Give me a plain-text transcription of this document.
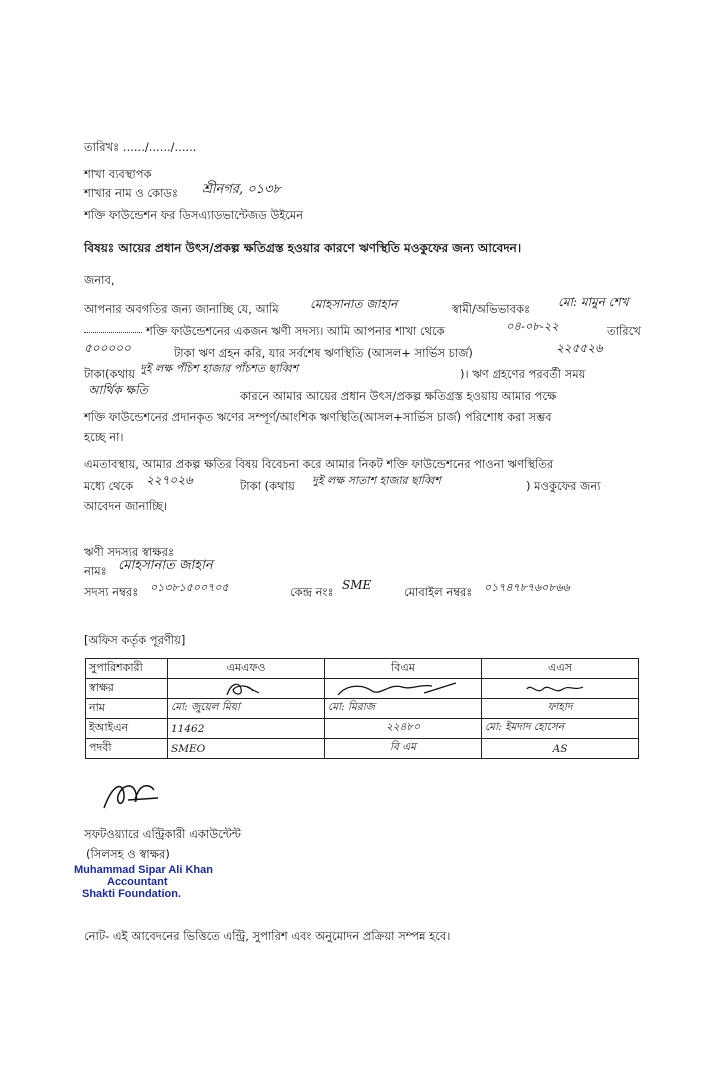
তারিখঃ ....../....../......
শাখা ব্যবস্থাপক
শাখার নাম ও কোডঃ শ্রীনগর, ০১৩৮
শক্তি ফাউন্ডেশন ফর ডিসএ্যাডভান্টেজড উইমেন
বিষয়ঃ আয়ের প্রধান উৎস/প্রকল্প ক্ষতিগ্রস্ত হওয়ার কারণে ঋণস্থিতি মওকুফের জন্য আবেদন।
জনাব,
আপনার অবগতির জন্য জানাচ্ছি যে, আমি	মোহসানাত জাহান	স্বামী/অভিভাবকঃ মো: মামুন শেখ
শক্তি ফাউন্ডেশনের একজন ঋণী সদস্য। আমি আপনার শাখা থেকে	০৪-০৮-২২	তারিখে
৫০০০০০	টাকা ঋণ গ্রহন করি, যার সর্বশেষ ঋণস্থিতি (আসল+ সার্ভিস চার্জ)	২২৫৫২৬
টাকা(কথায় দুই লক্ষ পঁচিশ হাজার পাঁচশত ছাব্বিশ	)। ঋণ গ্রহণের পরবর্তী সময়
আর্থিক ক্ষতি	কারনে আমার আয়ের প্রধান উৎস/প্রকল্প ক্ষতিগ্রস্ত হওয়ায় আমার পক্ষে
শক্তি ফাউন্ডেশনের প্রদানকৃত ঋণের সম্পূর্ণ/আংশিক ঋণস্থিতি(আসল+সার্ভিস চার্জ) পরিশোধ করা সম্ভব
হচ্ছে না।
এমতাবস্থায়, আমার প্রকল্প ক্ষতির বিষয় বিবেচনা করে আমার নিকট শক্তি ফাউন্ডেশনের পাওনা ঋণস্থিতির
মধ্যে থেকে ২২৭০২৬	টাকা (কথায় দুই লক্ষ সাতাশ হাজার ছাব্বিশ	) মওকুফের জন্য
আবেদন জানাচ্ছি।
ঋণী সদস্যর স্বাক্ষরঃ
নামঃ মোহসানাত জাহান
সদস্য নম্বরঃ ০১৩৮১৫০০৭০৫	কেন্দ্র নংঃ SME	মোবাইল নম্বরঃ ০১৭৪৭৮৭৬০৮৬৬
[অফিস কর্তৃক পূরণীয়]
সুপারিশকারী	এমএফও	বিএম	এএস
স্বাক্ষর	

নাম	মো: জুয়েল মিয়া	মো: মিরাজ	ফাহাদ
ইআইএন	11462	২২৪৮০	মো: ইমদাদ হোসেন
পদবী	SMEO	বি এম	AS
সফটওয়্যারে এন্ট্রিকারী একাউন্টেন্ট
(সিলসহ ও স্বাক্ষর)
Muhammad Sipar Ali Khan
Accountant
Shakti Foundation.
নোট- এই আবেদনের ভিত্তিতে এন্ট্রি, সুপারিশ এবং অনুমোদন প্রক্রিয়া সম্পন্ন হবে।
